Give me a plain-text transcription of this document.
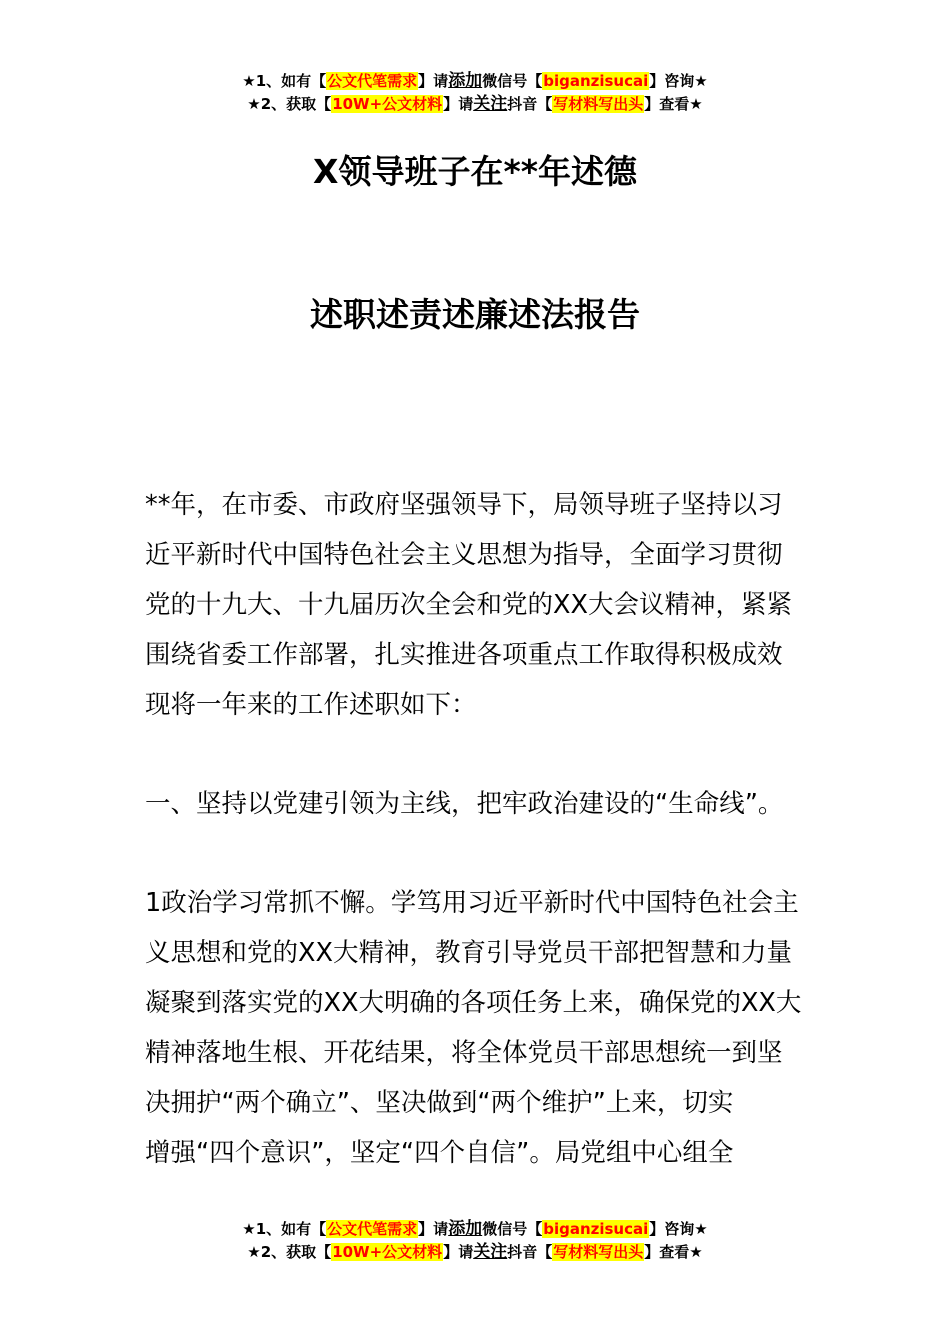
★1、如有【公文代笔需求】请添加微信号【biganzisucai】咨询★
★2、获取【10W+公文材料】请关注抖音【写材料写出头】查看★
X领导班子在**年述德
述职述责述廉述法报告
**年，在市委、市政府坚强领导下，局领导班子坚持以习
近平新时代中国特色社会主义思想为指导，全面学习贯彻
党的十九大、十九届历次全会和党的XX大会议精神，紧紧
围绕省委工作部署，扎实推进各项重点工作取得积极成效
现将一年来的工作述职如下：
一、坚持以党建引领为主线，把牢政治建设的“生命线”。
1政治学习常抓不懈。学笃用习近平新时代中国特色社会主
义思想和党的XX大精神，教育引导党员干部把智慧和力量
凝聚到落实党的XX大明确的各项任务上来，确保党的XX大
精神落地生根、开花结果，将全体党员干部思想统一到坚
决拥护“两个确立”、坚决做到“两个维护”上来，切实
增强“四个意识”，坚定“四个自信”。局党组中心组全
★1、如有【公文代笔需求】请添加微信号【biganzisucai】咨询★
★2、获取【10W+公文材料】请关注抖音【写材料写出头】查看★
